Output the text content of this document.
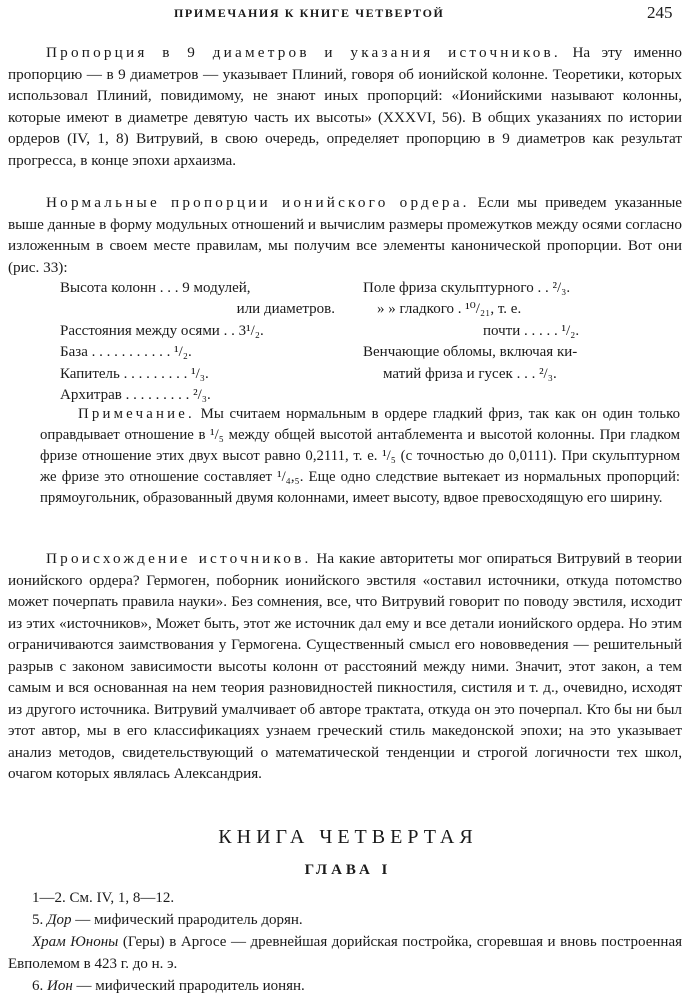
ПРИМЕЧАНИЯ К КНИГЕ ЧЕТВЕРТОЙ	245

Пропорция в 9 диаметров и указания источников. На эту именно пропорцию — в 9 диаметров — указывает Плиний, говоря об ионийской колонне. Теоретики, которых использовал Плиний, повидимому, не знают иных пропорций: «Ионийскими называют колонны, которые имеют в диаметре девятую часть их высоты» (XXXVI, 56). В общих указаниях по истории ордеров (IV, 1, 8) Витрувий, в свою очередь, определяет пропорцию в 9 диаметров как результат прогресса, в конце эпохи архаизма.

Нормальные пропорции ионийского ордера. Если мы приведем указанные выше данные в форму модульных отношений и вычислим размеры промежутков между осями согласно изложенным в своем месте правилам, мы получим все элементы канонической пропорции. Вот они (рис. 33):

Высота колонн . . . 9 модулей,
или диаметров.
Расстояния между осями . . 3¹/₂.
База . . . . . . . . . . . ¹/₂.
Капитель . . . . . . . . . ¹/₃.
Архитрав . . . . . . . . . ²/₃.
Поле фриза скульптурного . . ²/₃.
» » гладкого . ¹⁰/₂₁, т. е.
почти . . . . . ¹/₂.
Венчающие обломы, включая ки-
матий фриза и гусек . . . ²/₃.

Примечание. Мы считаем нормальным в ордере гладкий фриз, так как он один только оправдывает отношение в ¹/₅ между общей высотой антаблемента и высотой колонны. При гладком фризе отношение этих двух высот равно 0,2111, т. е. ¹/₅ (с точностью до 0,0111). При скульптурном же фризе это отношение составляет ¹/₄,₅. Еще одно следствие вытекает из нормальных пропорций: прямоугольник, образованный двумя колоннами, имеет высоту, вдвое превосходящую его ширину.

Происхождение источников. На какие авторитеты мог опираться Витрувий в теории ионийского ордера? Гермоген, поборник ионийского эвстиля «оставил источники, откуда потомство может почерпать правила науки». Без сомнения, все, что Витрувий говорит по поводу эвстиля, исходит из этих «источников», Может быть, этот же источник дал ему и все детали ионийского ордера. Но этим ограничиваются заимствования у Гермогена. Существенный смысл его нововведения — решительный разрыв с законом зависимости высоты колонн от расстояний между ними. Значит, этот закон, а тем самым и вся основанная на нем теория разновидностей пикностиля, систиля и т. д., очевидно, исходят из другого источника. Витрувий умалчивает об авторе трактата, откуда он это почерпал. Кто бы ни был этот автор, мы в его классификациях узнаем греческий стиль македонской эпохи; на это указывает анализ методов, свидетельствующий о математической тенденции и строгой логичности тех школ, очагом которых являлась Александрия.

КНИГА ЧЕТВЕРТАЯ
ГЛАВА I

1—2. См. IV, 1, 8—12.

5. Дор — мифический прародитель дорян.

Храм Юноны (Геры) в Аргосе — древнейшая дорийская постройка, сгоревшая и вновь построенная Евполемом в 423 г. до н. э.

6. Ион — мифический прародитель ионян.
